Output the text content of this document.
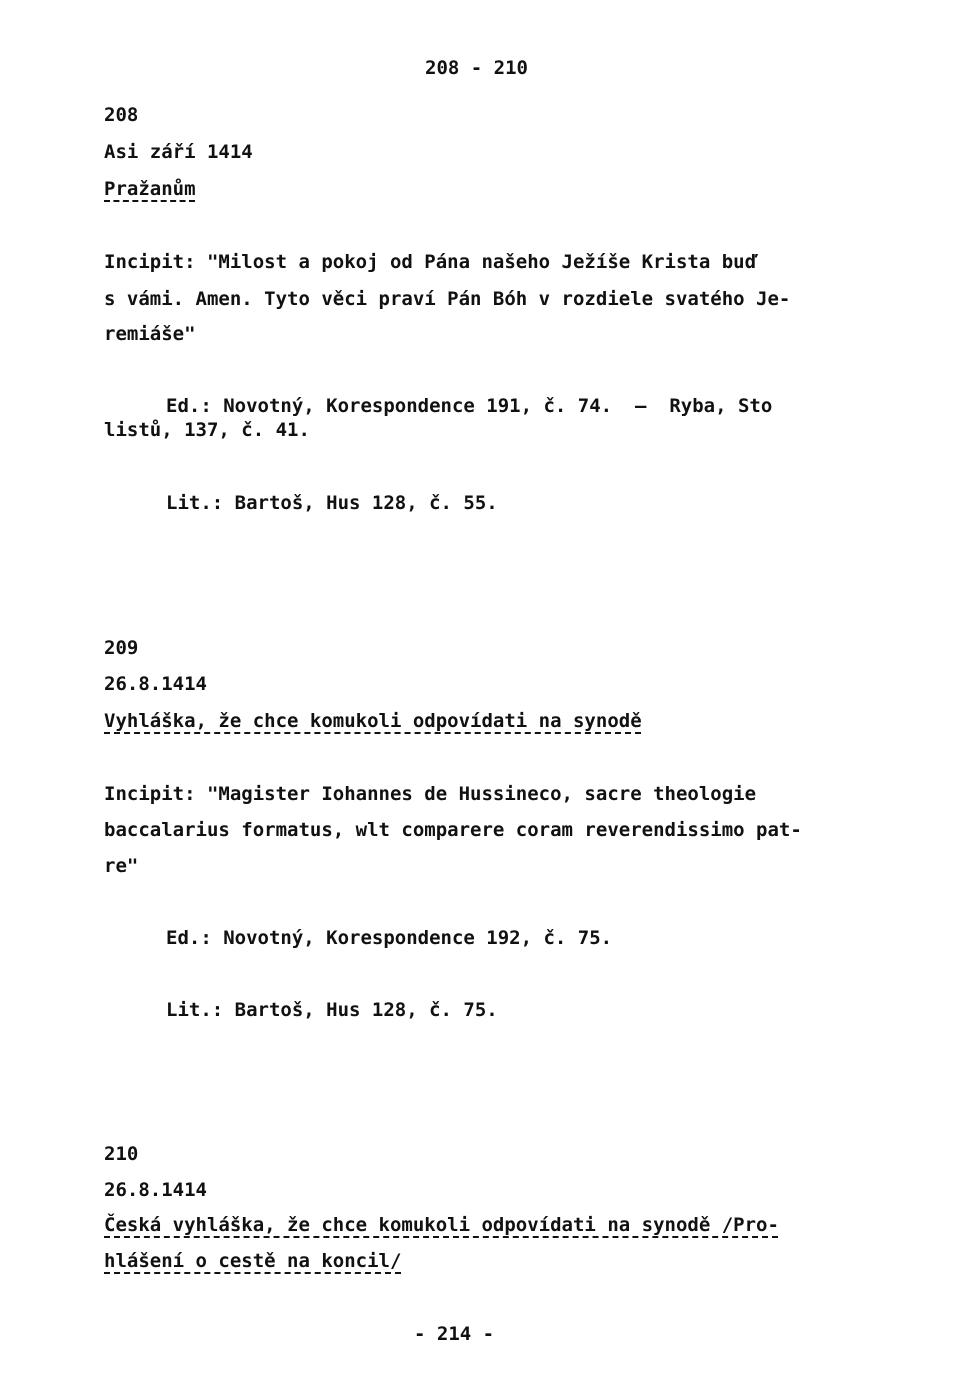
208 - 210
208
Asi září 1414
Pražanům
Incipit: "Milost a pokoj od Pána našeho Ježíše Krista buď
s vámi. Amen. Tyto věci praví Pán Bóh v rozdiele svatého Je-
remiáše"
Ed.: Novotný, Korespondence 191, č. 74.  —  Ryba, Sto
listů, 137, č. 41.
Lit.: Bartoš, Hus 128, č. 55.
209
26.8.1414
Vyhláška, že chce komukoli odpovídati na synodě
Incipit: "Magister Iohannes de Hussineco, sacre theologie
baccalarius formatus, wlt comparere coram reverendissimo pat-
re"
Ed.: Novotný, Korespondence 192, č. 75.
Lit.: Bartoš, Hus 128, č. 75.
210
26.8.1414
Česká vyhláška, že chce komukoli odpovídati na synodě /Pro-
hlášení o cestě na koncil/
- 214 -
